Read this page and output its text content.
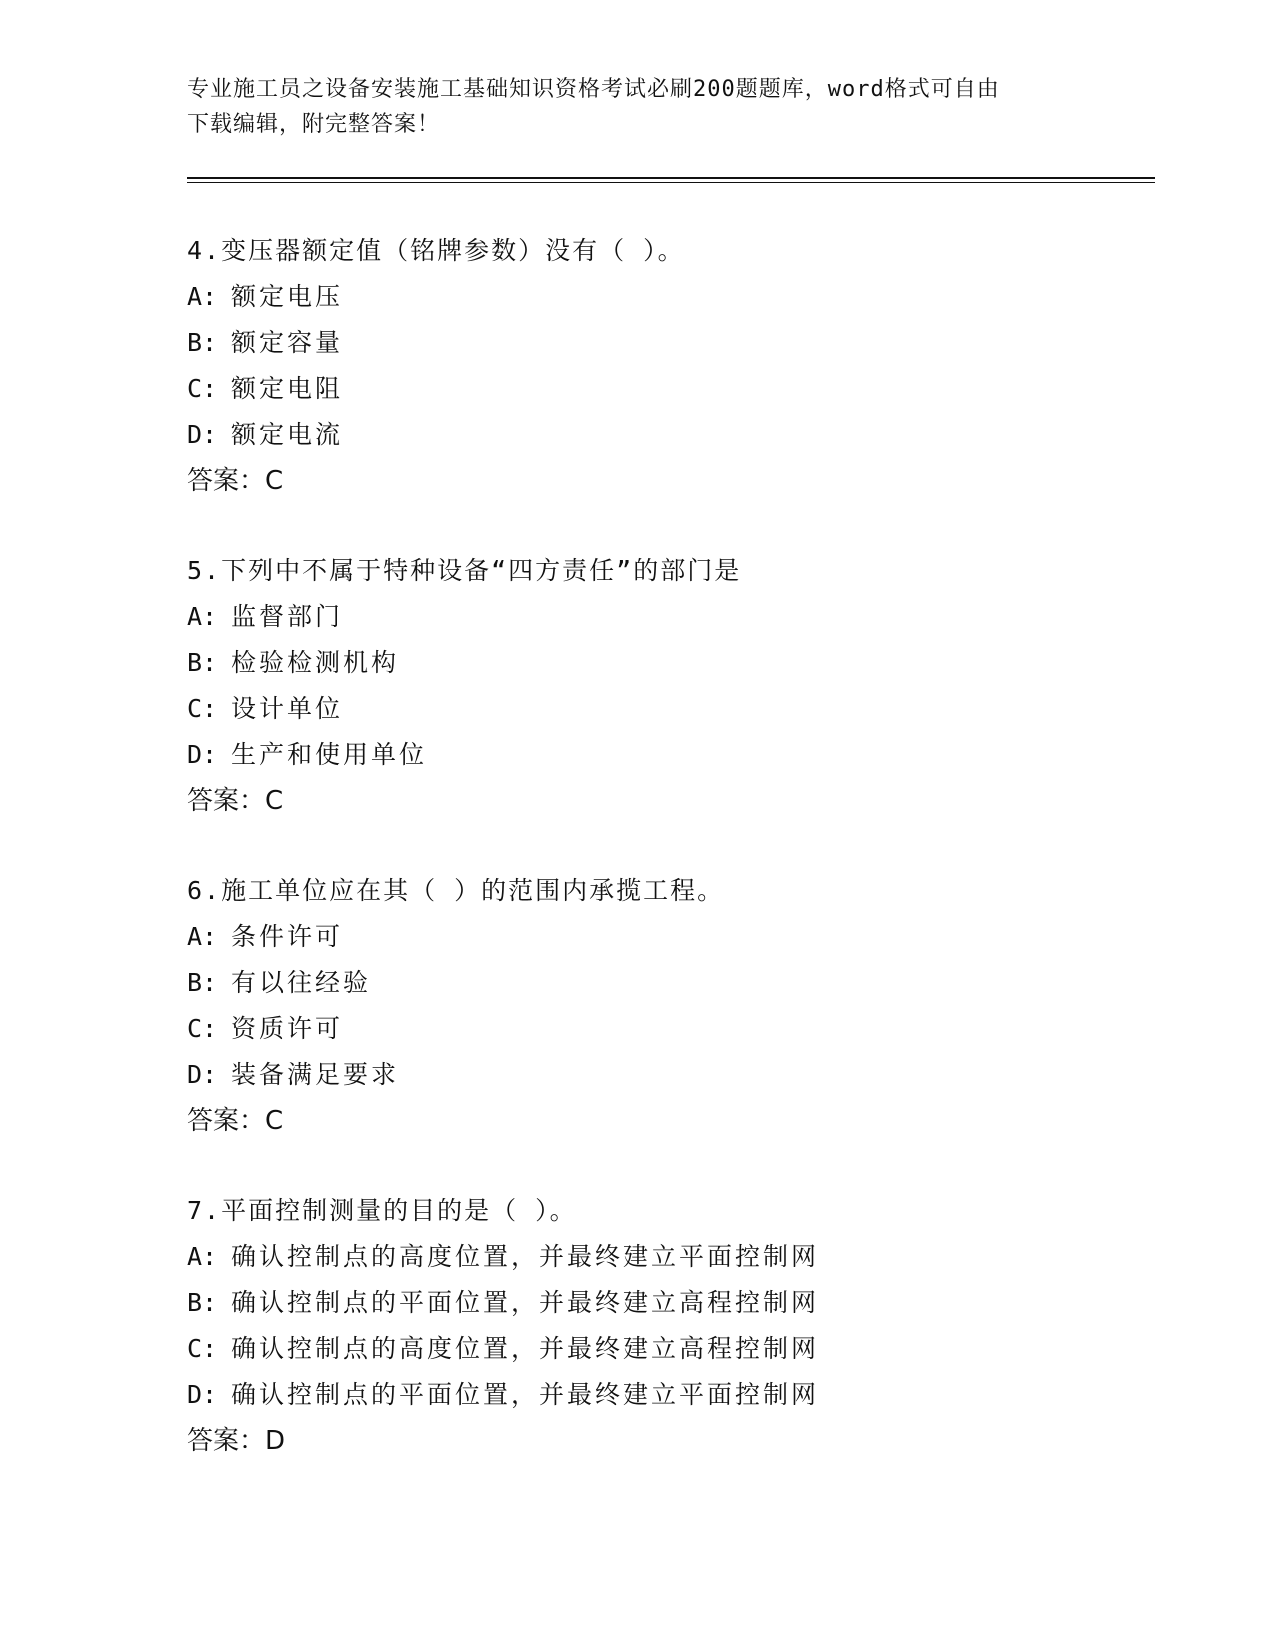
专业施工员之设备安装施工基础知识资格考试必刷200题题库，word格式可自由
下载编辑，附完整答案！
4.变压器额定值（铭牌参数）没有（ ）。
A: 额定电压
B: 额定容量
C: 额定电阻
D: 额定电流
答案：C
5.下列中不属于特种设备“四方责任”的部门是
A: 监督部门
B: 检验检测机构
C: 设计单位
D: 生产和使用单位
答案：C
6.施工单位应在其（ ）的范围内承揽工程。
A: 条件许可
B: 有以往经验
C: 资质许可
D: 装备满足要求
答案：C
7.平面控制测量的目的是（ ）。
A: 确认控制点的高度位置，并最终建立平面控制网
B: 确认控制点的平面位置，并最终建立高程控制网
C: 确认控制点的高度位置，并最终建立高程控制网
D: 确认控制点的平面位置，并最终建立平面控制网
答案：D
